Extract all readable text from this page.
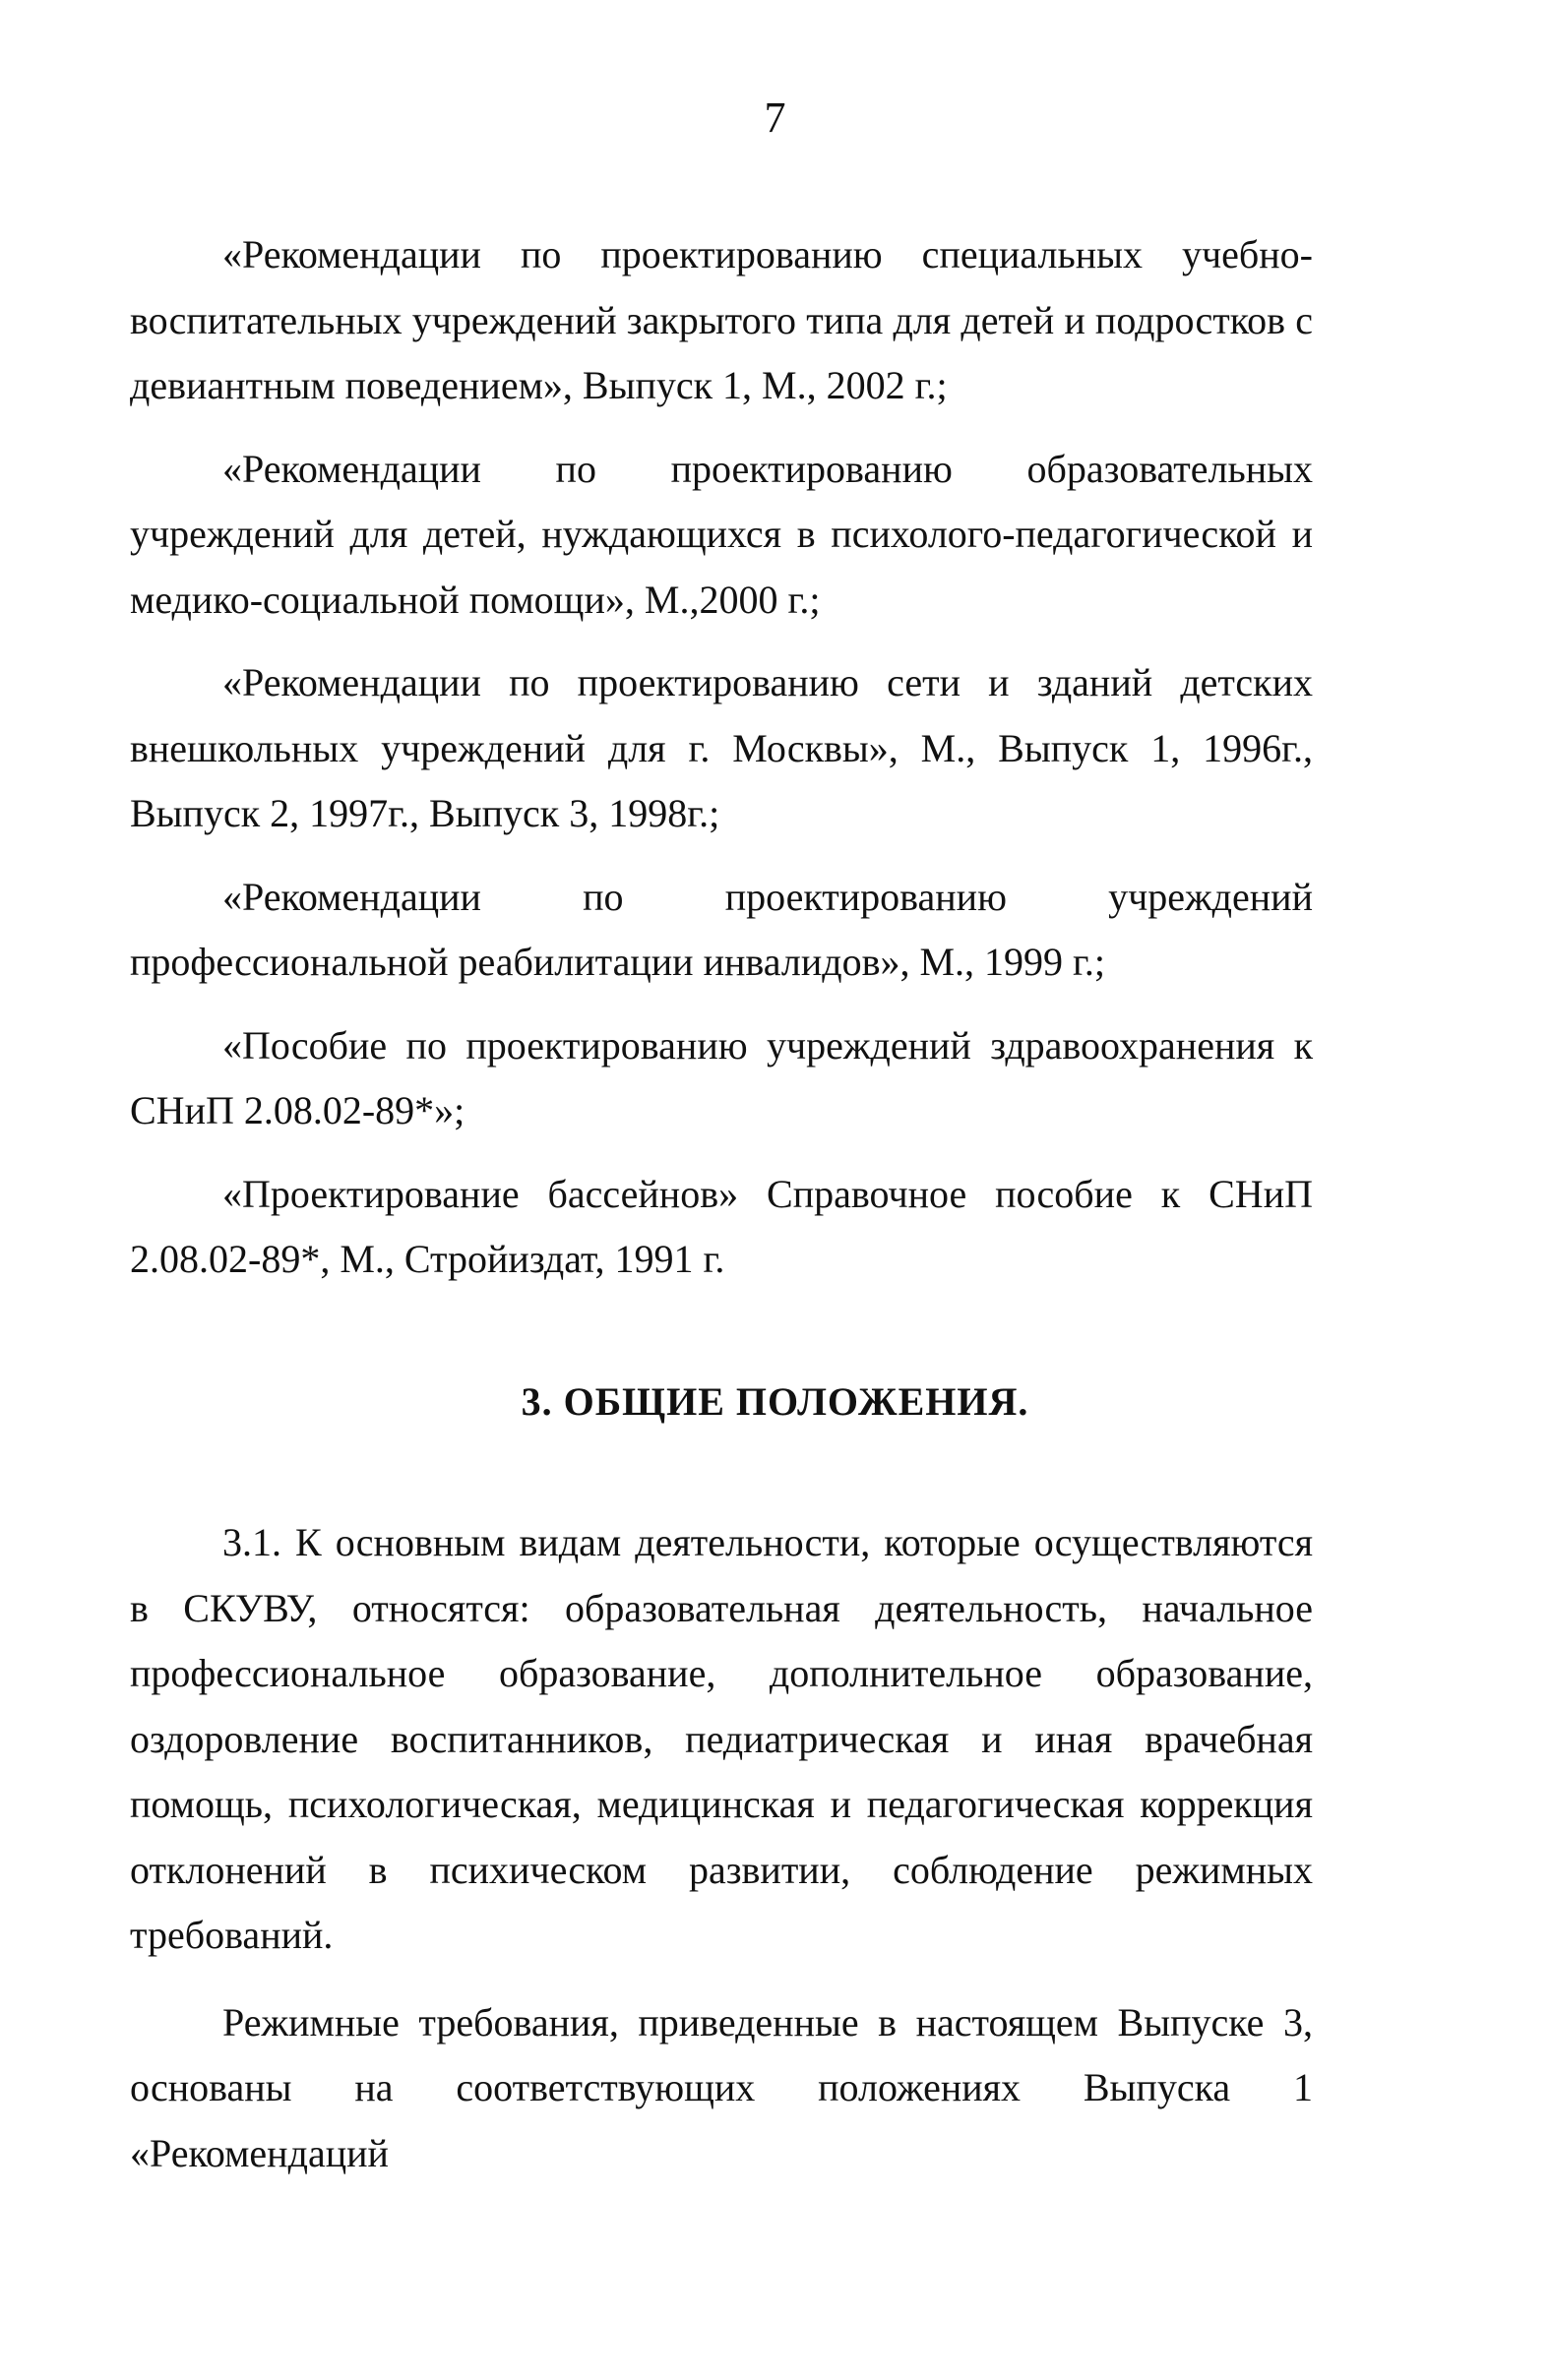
7

«Рекомендации по проектированию специальных учебно-воспитательных учреждений закрытого типа для детей и подростков с девиантным поведением», Выпуск 1, М., 2002 г.;

«Рекомендации по проектированию образовательных учреждений для детей, нуждающихся в психолого-педагогической и медико-социальной помощи», М.,2000 г.;

«Рекомендации по проектированию сети и зданий детских внешкольных учреждений для г. Москвы», М., Выпуск 1, 1996г., Выпуск 2, 1997г., Выпуск 3, 1998г.;

«Рекомендации по проектированию учреждений профессиональной реабилитации инвалидов», М., 1999 г.;

«Пособие по проектированию учреждений здравоохранения к СНиП 2.08.02-89*»;

«Проектирование бассейнов» Справочное пособие к СНиП 2.08.02-89*, М., Стройиздат, 1991 г.

3. ОБЩИЕ ПОЛОЖЕНИЯ.

3.1. К основным видам деятельности, которые осуществляются в СКУВУ, относятся: образовательная деятельность, начальное профессиональное образование, дополнительное образование, оздоровление воспитанников, педиатрическая и иная врачебная помощь, психологическая, медицинская и педагогическая коррекция отклонений в психическом развитии, соблюдение режимных требований.

Режимные требования, приведенные в настоящем Выпуске 3, основаны на соответствующих положениях Выпуска 1 «Рекомендаций
